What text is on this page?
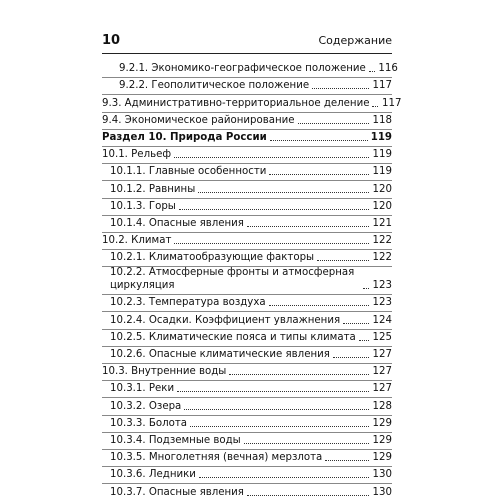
10	Содержание
9.2.1. Экономико-географическое положение 116
9.2.2. Геополитическое положение	117
9.3. Административно-территориальное деление 117
9.4. Экономическое районирование	118
Раздел 10. Природа России	119
10.1. Рельеф	119
10.1.1. Главные особенности	119
10.1.2. Равнины	120
10.1.3. Горы	120
10.1.4. Опасные явления	121
10.2. Климат	122
10.2.1. Климатообразующие факторы	122
10.2.2. Атмосферные фронты и атмосферная циркуляция	123
10.2.3. Температура воздуха	123
10.2.4. Осадки. Коэффициент увлажнения	124
10.2.5. Климатические пояса и типы климата 125
10.2.6. Опасные климатические явления	127
10.3. Внутренние воды	127
10.3.1. Реки	127
10.3.2. Озера	128
10.3.3. Болота	129
10.3.4. Подземные воды	129
10.3.5. Многолетняя (вечная) мерзлота	129
10.3.6. Ледники	130
10.3.7. Опасные явления	130
